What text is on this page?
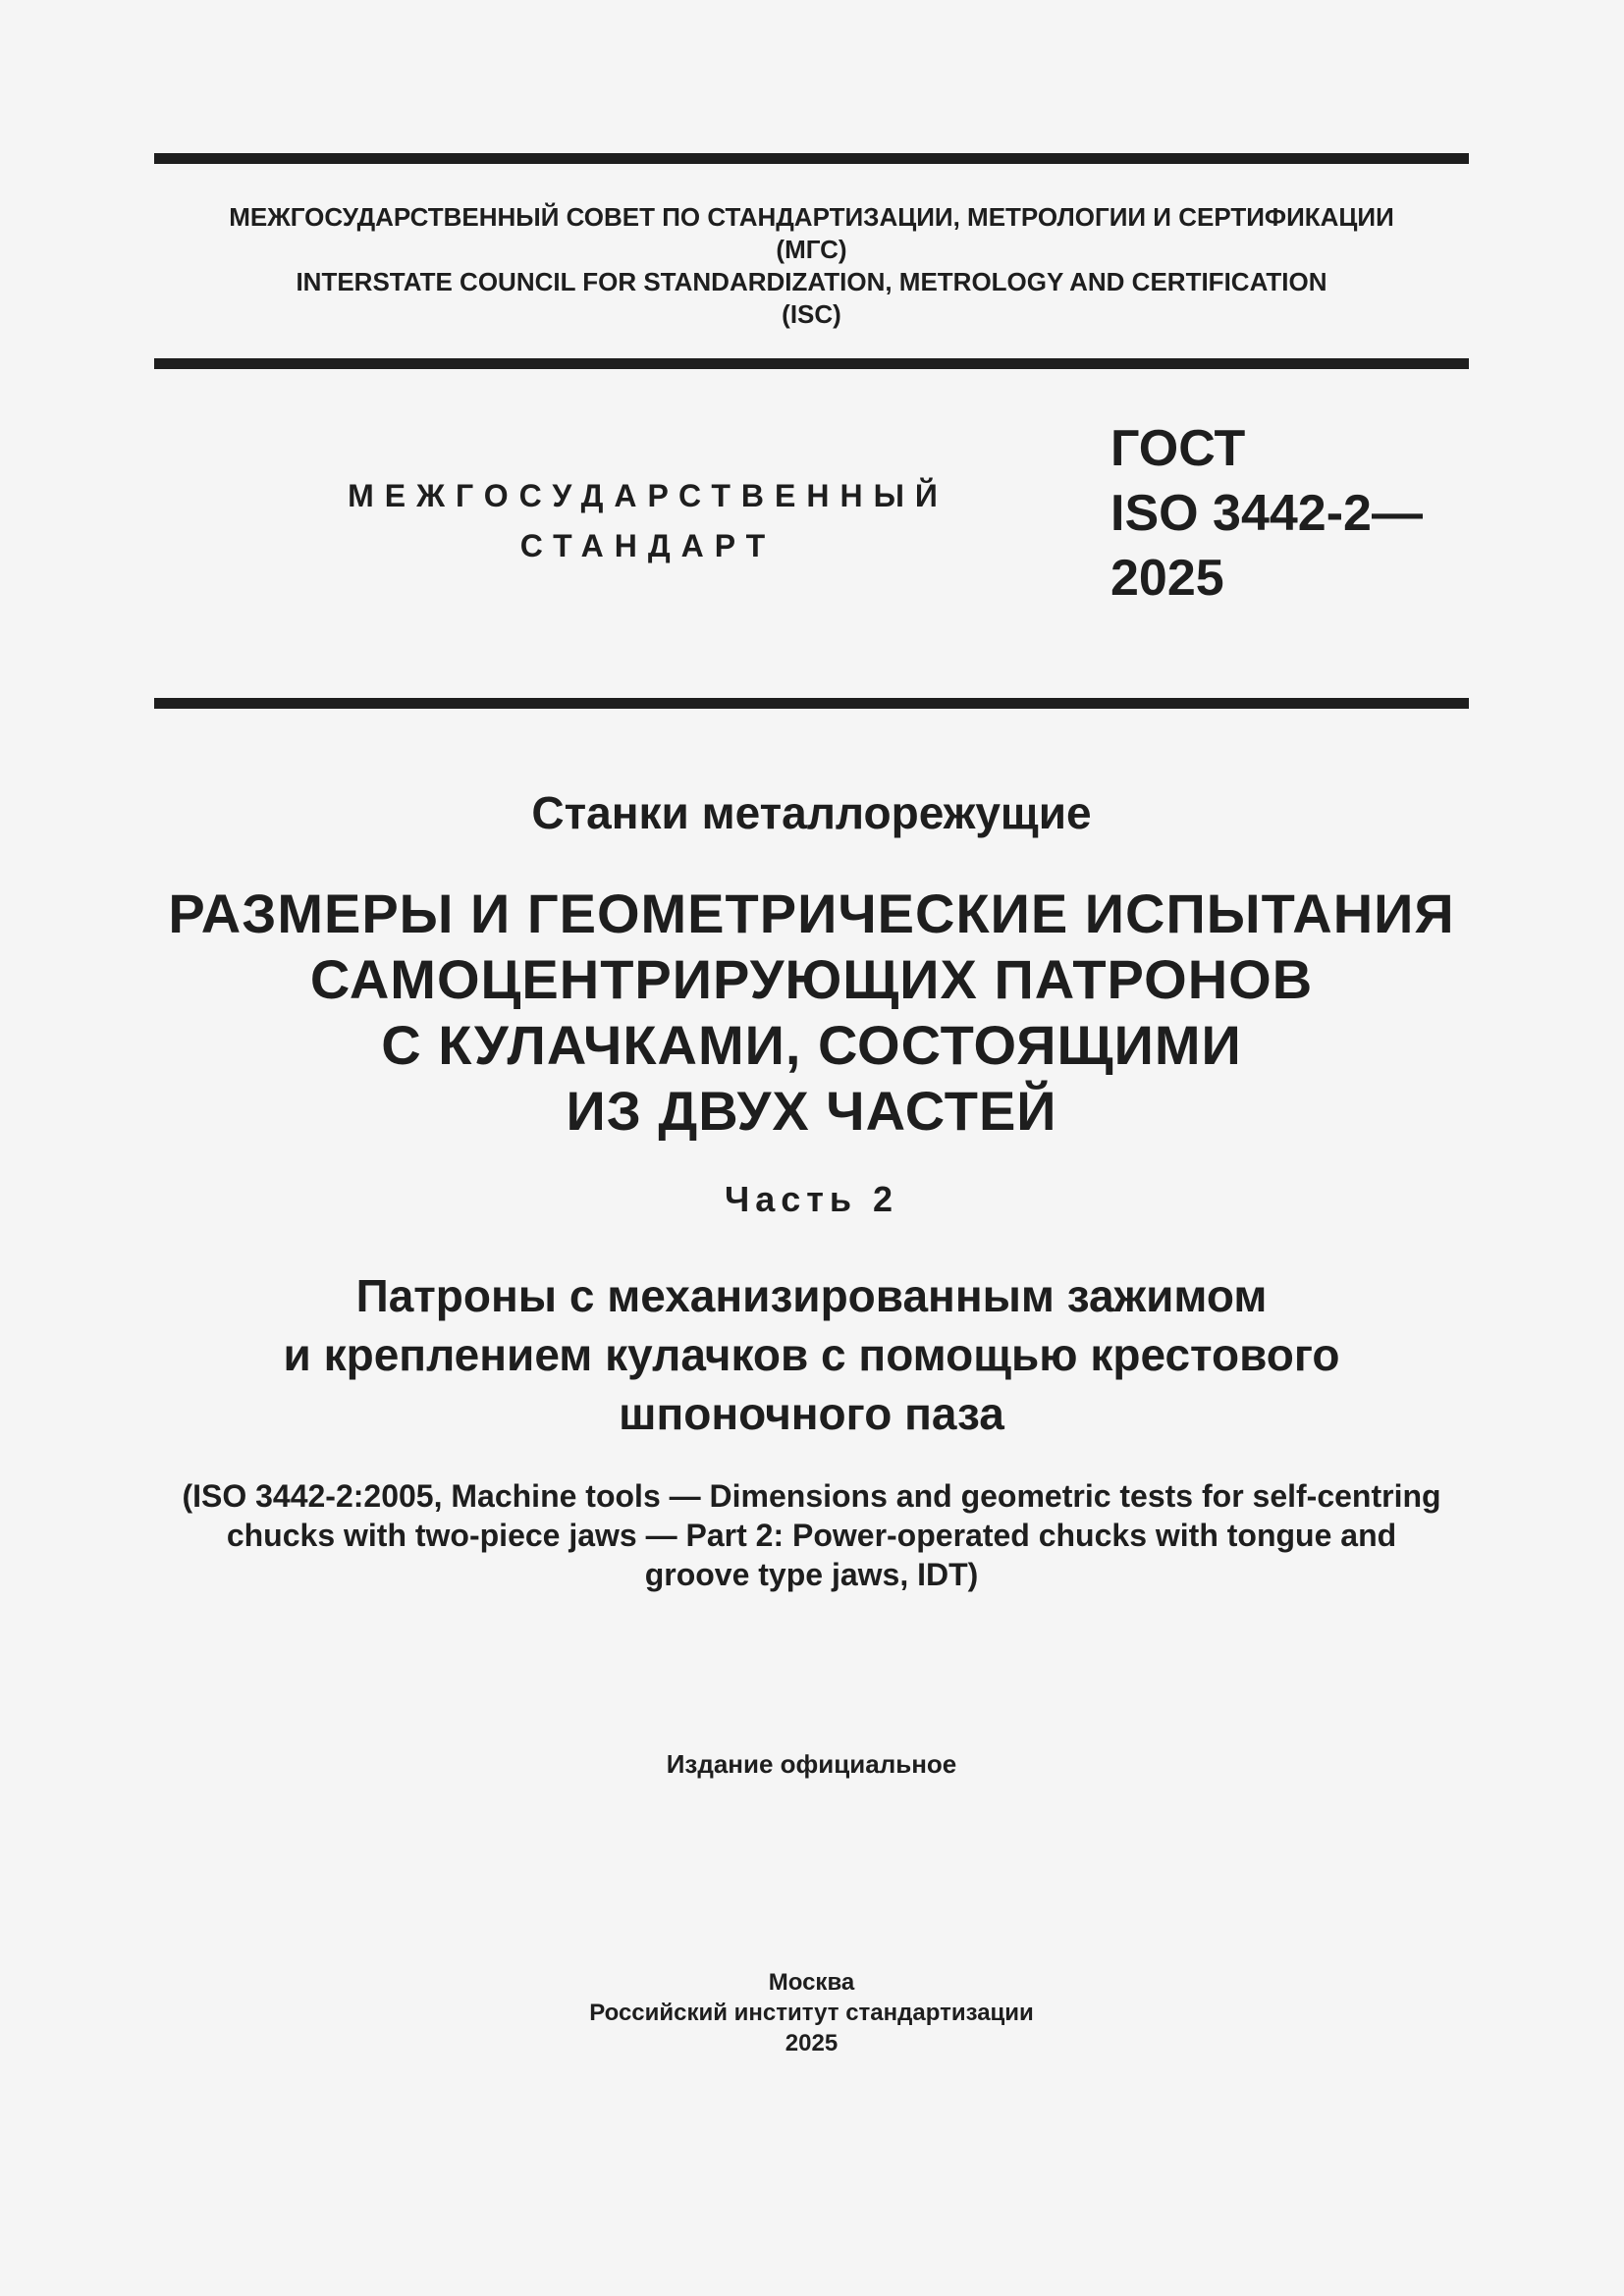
МЕЖГОСУДАРСТВЕННЫЙ СОВЕТ ПО СТАНДАРТИЗАЦИИ, МЕТРОЛОГИИ И СЕРТИФИКАЦИИ
(МГС)
INTERSTATE COUNCIL FOR STANDARDIZATION, METROLOGY AND CERTIFICATION
(ISC)
МЕЖГОСУДАРСТВЕННЫЙ
СТАНДАРТ
ГОСТ
ISO 3442-2—
2025
Станки металлорежущие
РАЗМЕРЫ И ГЕОМЕТРИЧЕСКИЕ ИСПЫТАНИЯ
САМОЦЕНТРИРУЮЩИХ ПАТРОНОВ
С КУЛАЧКАМИ, СОСТОЯЩИМИ
ИЗ ДВУХ ЧАСТЕЙ
Часть 2
Патроны с механизированным зажимом
и креплением кулачков с помощью крестового
шпоночного паза
(ISO 3442-2:2005, Machine tools — Dimensions and geometric tests for self-centring
chucks with two-piece jaws — Part 2: Power-operated chucks with tongue and
groove type jaws, IDT)
Издание официальное
Москва
Российский институт стандартизации
2025
